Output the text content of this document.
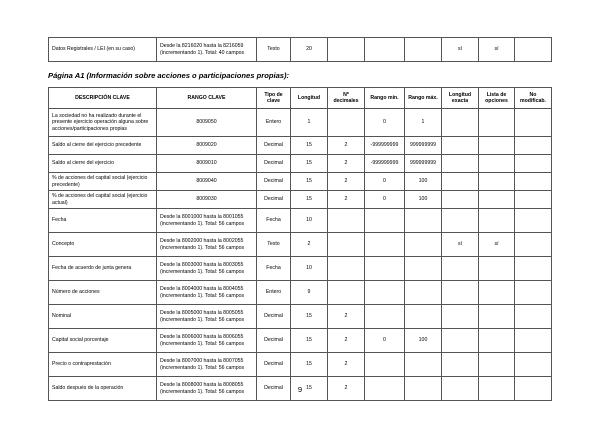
Datos Registrales / LEI (en su caso)	Desde la 8216020 hasta la 8216059 (incrementando 1). Total: 40 campos	Texto	20				sí	sí	
Página A1 (Información sobre acciones o participaciones propias):
DESCRIPCIÓN CLAVE	RANGO CLAVE	Tipo de clave	Longitud	Nº decimales	Rango mín.	Rango máx.	Longitud exacta	Lista de opciones	No modificab.
La sociedad no ha realizado durante el presente ejercicio operación alguna sobre acciones/participaciones propias	8009050	Entero	1		0	1			
Saldo al cierre del ejercicio precedente	8009020	Decimal	15	2	-999999999	999999999			
Saldo al cierre del ejercicio	8009010	Decimal	15	2	-999999999	999999999			
% de acciones del capital social (ejercicio precedente)	8009040	Decimal	15	2	0	100			
% de acciones del capital social (ejercicio actual)	8009030	Decimal	15	2	0	100			
Fecha	Desde la 8001000 hasta la 8001055 (incrementando 1). Total: 56 campos	Fecha	10						
Concepto	Desde la 8002000 hasta la 8002055 (incrementando 1). Total: 56 campos	Texto	2				sí	sí	
Fecha de acuerdo de junta genera	Desde la 8003000 hasta la 8003055 (incrementando 1). Total: 56 campos	Fecha	10						
Número de acciones	Desde la 8004000 hasta la 8004055 (incrementando 1). Total: 56 campos	Entero	9						
Nominal	Desde la 8005000 hasta la 8005055 (incrementando 1). Total: 56 campos	Decimal	15	2					
Capital social porcentaje	Desde la 8006000 hasta la 8006055 (incrementando 1). Total: 56 campos	Decimal	15	2	0	100			
Precio o contraprestación	Desde la 8007000 hasta la 8007055 (incrementando 1). Total: 56 campos	Decimal	15	2					
Saldo después de la operación	Desde la 8008000 hasta la 8008055 (incrementando 1). Total: 56 campos	Decimal	15	2					
9
